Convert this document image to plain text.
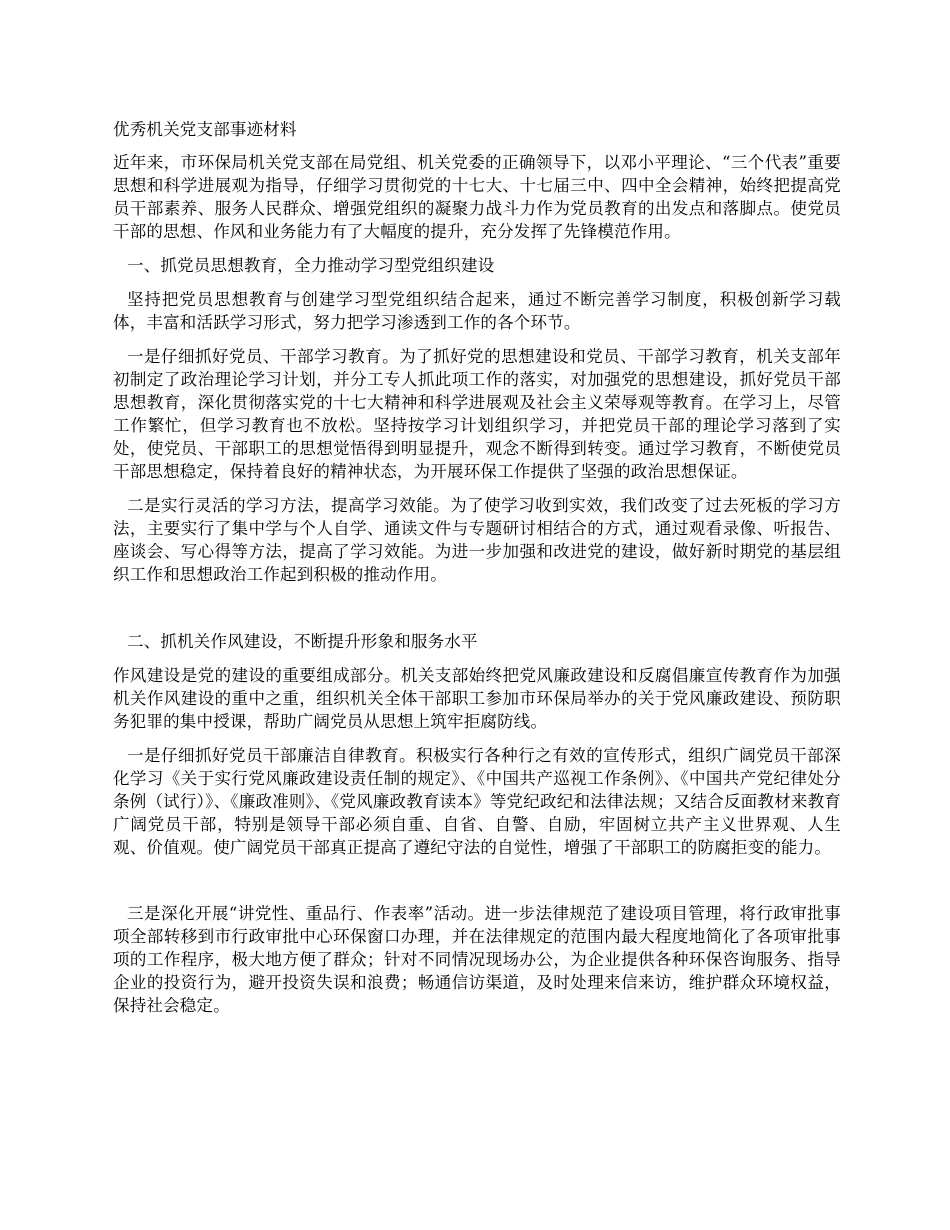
优秀机关党支部事迹材料

近年来，市环保局机关党支部在局党组、机关党委的正确领导下，以邓小平理论、“三个代表”重要思想和科学进展观为指导，仔细学习贯彻党的十七大、十七届三中、四中全会精神，始终把提高党员干部素养、服务人民群众、增强党组织的凝聚力战斗力作为党员教育的出发点和落脚点。使党员干部的思想、作风和业务能力有了大幅度的提升，充分发挥了先锋模范作用。

一、抓党员思想教育，全力推动学习型党组织建设

坚持把党员思想教育与创建学习型党组织结合起来，通过不断完善学习制度，积极创新学习载体，丰富和活跃学习形式，努力把学习渗透到工作的各个环节。

一是仔细抓好党员、干部学习教育。为了抓好党的思想建设和党员、干部学习教育，机关支部年初制定了政治理论学习计划，并分工专人抓此项工作的落实，对加强党的思想建设，抓好党员干部思想教育，深化贯彻落实党的十七大精神和科学进展观及社会主义荣辱观等教育。在学习上，尽管工作繁忙，但学习教育也不放松。坚持按学习计划组织学习，并把党员干部的理论学习落到了实处，使党员、干部职工的思想觉悟得到明显提升，观念不断得到转变。通过学习教育，不断使党员干部思想稳定，保持着良好的精神状态，为开展环保工作提供了坚强的政治思想保证。

二是实行灵活的学习方法，提高学习效能。为了使学习收到实效，我们改变了过去死板的学习方法，主要实行了集中学与个人自学、通读文件与专题研讨相结合的方式，通过观看录像、听报告、座谈会、写心得等方法，提高了学习效能。为进一步加强和改进党的建设，做好新时期党的基层组织工作和思想政治工作起到积极的推动作用。

二、抓机关作风建设，不断提升形象和服务水平

作风建设是党的建设的重要组成部分。机关支部始终把党风廉政建设和反腐倡廉宣传教育作为加强机关作风建设的重中之重，组织机关全体干部职工参加市环保局举办的关于党风廉政建设、预防职务犯罪的集中授课，帮助广阔党员从思想上筑牢拒腐防线。

一是仔细抓好党员干部廉洁自律教育。积极实行各种行之有效的宣传形式，组织广阔党员干部深化学习《关于实行党风廉政建设责任制的规定》、《中国共产巡视工作条例》、《中国共产党纪律处分条例（试行）》、《廉政准则》、《党风廉政教育读本》等党纪政纪和法律法规；又结合反面教材来教育广阔党员干部，特别是领导干部必须自重、自省、自警、自励，牢固树立共产主义世界观、人生观、价值观。使广阔党员干部真正提高了遵纪守法的自觉性，增强了干部职工的防腐拒变的能力。

三是深化开展“讲党性、重品行、作表率”活动。进一步法律规范了建设项目管理，将行政审批事项全部转移到市行政审批中心环保窗口办理，并在法律规定的范围内最大程度地简化了各项审批事项的工作程序，极大地方便了群众；针对不同情况现场办公，为企业提供各种环保咨询服务、指导企业的投资行为，避开投资失误和浪费；畅通信访渠道，及时处理来信来访，维护群众环境权益，保持社会稳定。
